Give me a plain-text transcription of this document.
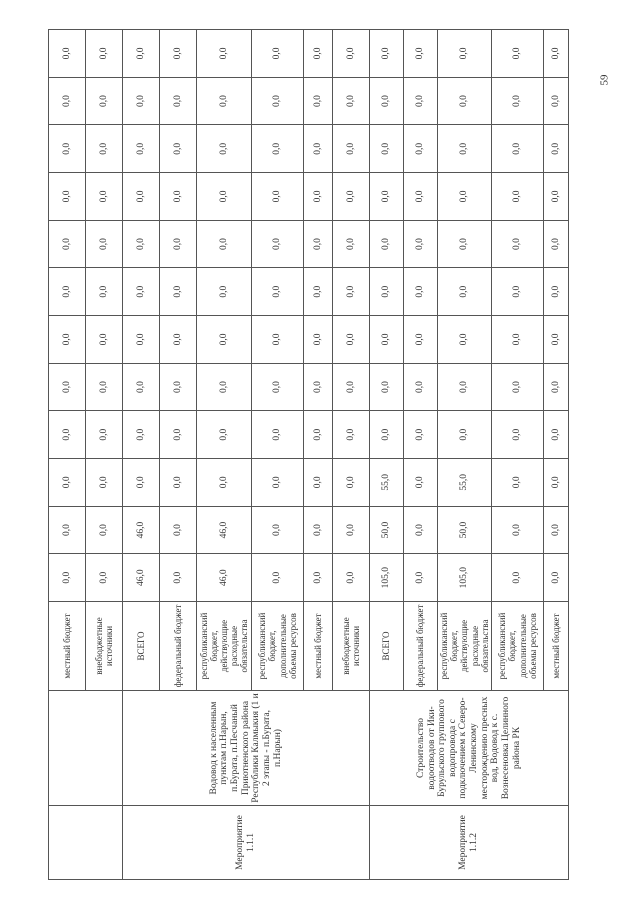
		местный бюджет	0,0	0,0	0,0	0,0	0,0	0,0	0,0	0,0	0,0	0,0	0,0	0,0
		внебюджетные источники	0,0	0,0	0,0	0,0	0,0	0,0	0,0	0,0	0,0	0,0	0,0	0,0
Мероприятие 1.1.1	Водовод к населенным пунктам п.Нарын, п.Бурата, п.Песчаный Приютненского района Республики Калмыкия (1 и 2 этапы - п.Бурата, п.Нарын)	ВСЕГО	46,0	46,0	0,0	0,0	0,0	0,0	0,0	0,0	0,0	0,0	0,0	0,0
		федеральный бюджет	0,0	0,0	0,0	0,0	0,0	0,0	0,0	0,0	0,0	0,0	0,0	0,0
		республиканский бюджет, действующие расходные обязательства	46,0	46,0	0,0	0,0	0,0	0,0	0,0	0,0	0,0	0,0	0,0	0,0
		республиканский бюджет, дополнительные объемы ресурсов	0,0	0,0	0,0	0,0	0,0	0,0	0,0	0,0	0,0	0,0	0,0	0,0
		местный бюджет	0,0	0,0	0,0	0,0	0,0	0,0	0,0	0,0	0,0	0,0	0,0	0,0
		внебюджетные источники	0,0	0,0	0,0	0,0	0,0	0,0	0,0	0,0	0,0	0,0	0,0	0,0
Мероприятие 1.1.2	Строительство водоотводов от Ики-Бурульского группового водопровода с подключением к Северо-Ленинскому месторождению пресных вод, Водовод к с. Вознесеновка Целинного района РК	ВСЕГО	105,0	50,0	55,0	0,0	0,0	0,0	0,0	0,0	0,0	0,0	0,0	0,0
		федеральный бюджет	0,0	0,0	0,0	0,0	0,0	0,0	0,0	0,0	0,0	0,0	0,0	0,0
		республиканский бюджет, действующие расходные обязательства	105,0	50,0	55,0	0,0	0,0	0,0	0,0	0,0	0,0	0,0	0,0	0,0
		республиканский бюджет, дополнительные объемы ресурсов	0,0	0,0	0,0	0,0	0,0	0,0	0,0	0,0	0,0	0,0	0,0	0,0
		местный бюджет	0,0	0,0	0,0	0,0	0,0	0,0	0,0	0,0	0,0	0,0	0,0	0,0
59
